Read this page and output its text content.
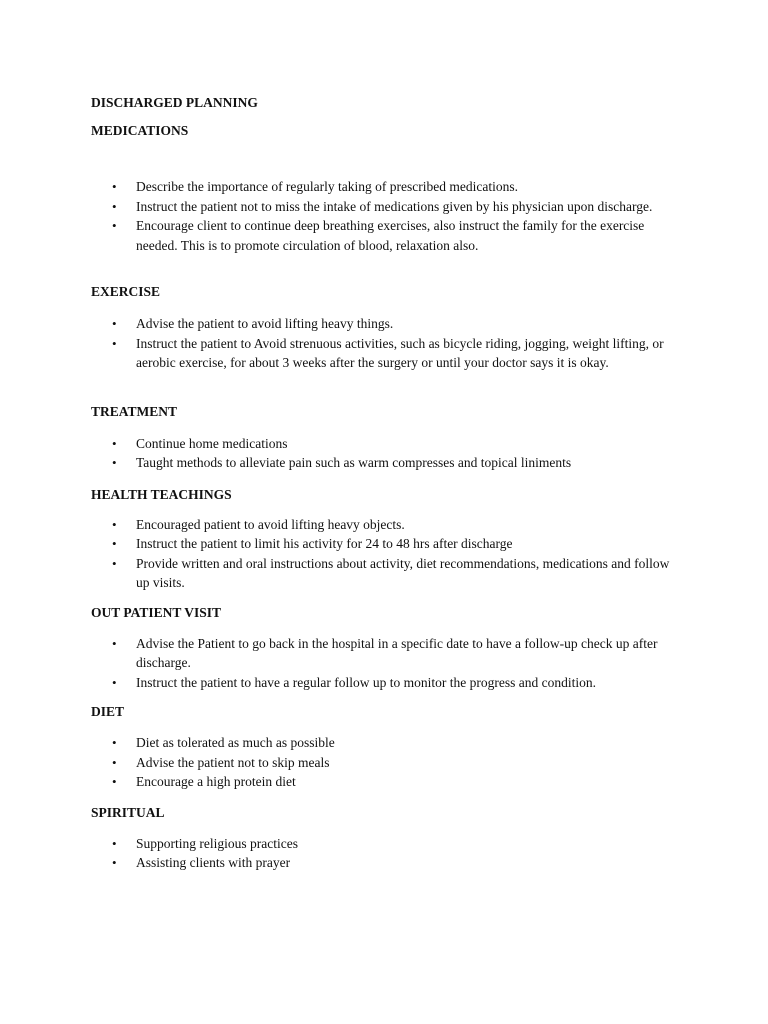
DISCHARGED PLANNING

MEDICATIONS

• Describe the importance of regularly taking of prescribed medications.
• Instruct the patient not to miss the intake of medications given by his physician upon discharge.
• Encourage client to continue deep breathing exercises, also instruct the family for the exercise needed. This is to promote circulation of blood, relaxation also.

EXERCISE

• Advise the patient to avoid lifting heavy things.
• Instruct the patient to Avoid strenuous activities, such as bicycle riding, jogging, weight lifting, or aerobic exercise, for about 3 weeks after the surgery or until your doctor says it is okay.

TREATMENT

• Continue home medications
• Taught methods to alleviate pain such as warm compresses and topical liniments

HEALTH TEACHINGS

• Encouraged patient to avoid lifting heavy objects.
• Instruct the patient to limit his activity for 24 to 48 hrs after discharge
• Provide written and oral instructions about activity, diet recommendations, medications and follow up visits.

OUT PATIENT VISIT

• Advise the Patient to go back in the hospital in a specific date to have a follow-up check up after discharge.
• Instruct the patient to have a regular follow up to monitor the progress and condition.

DIET

• Diet as tolerated as much as possible
• Advise the patient not to skip meals
• Encourage a high protein diet

SPIRITUAL

• Supporting religious practices
• Assisting clients with prayer
